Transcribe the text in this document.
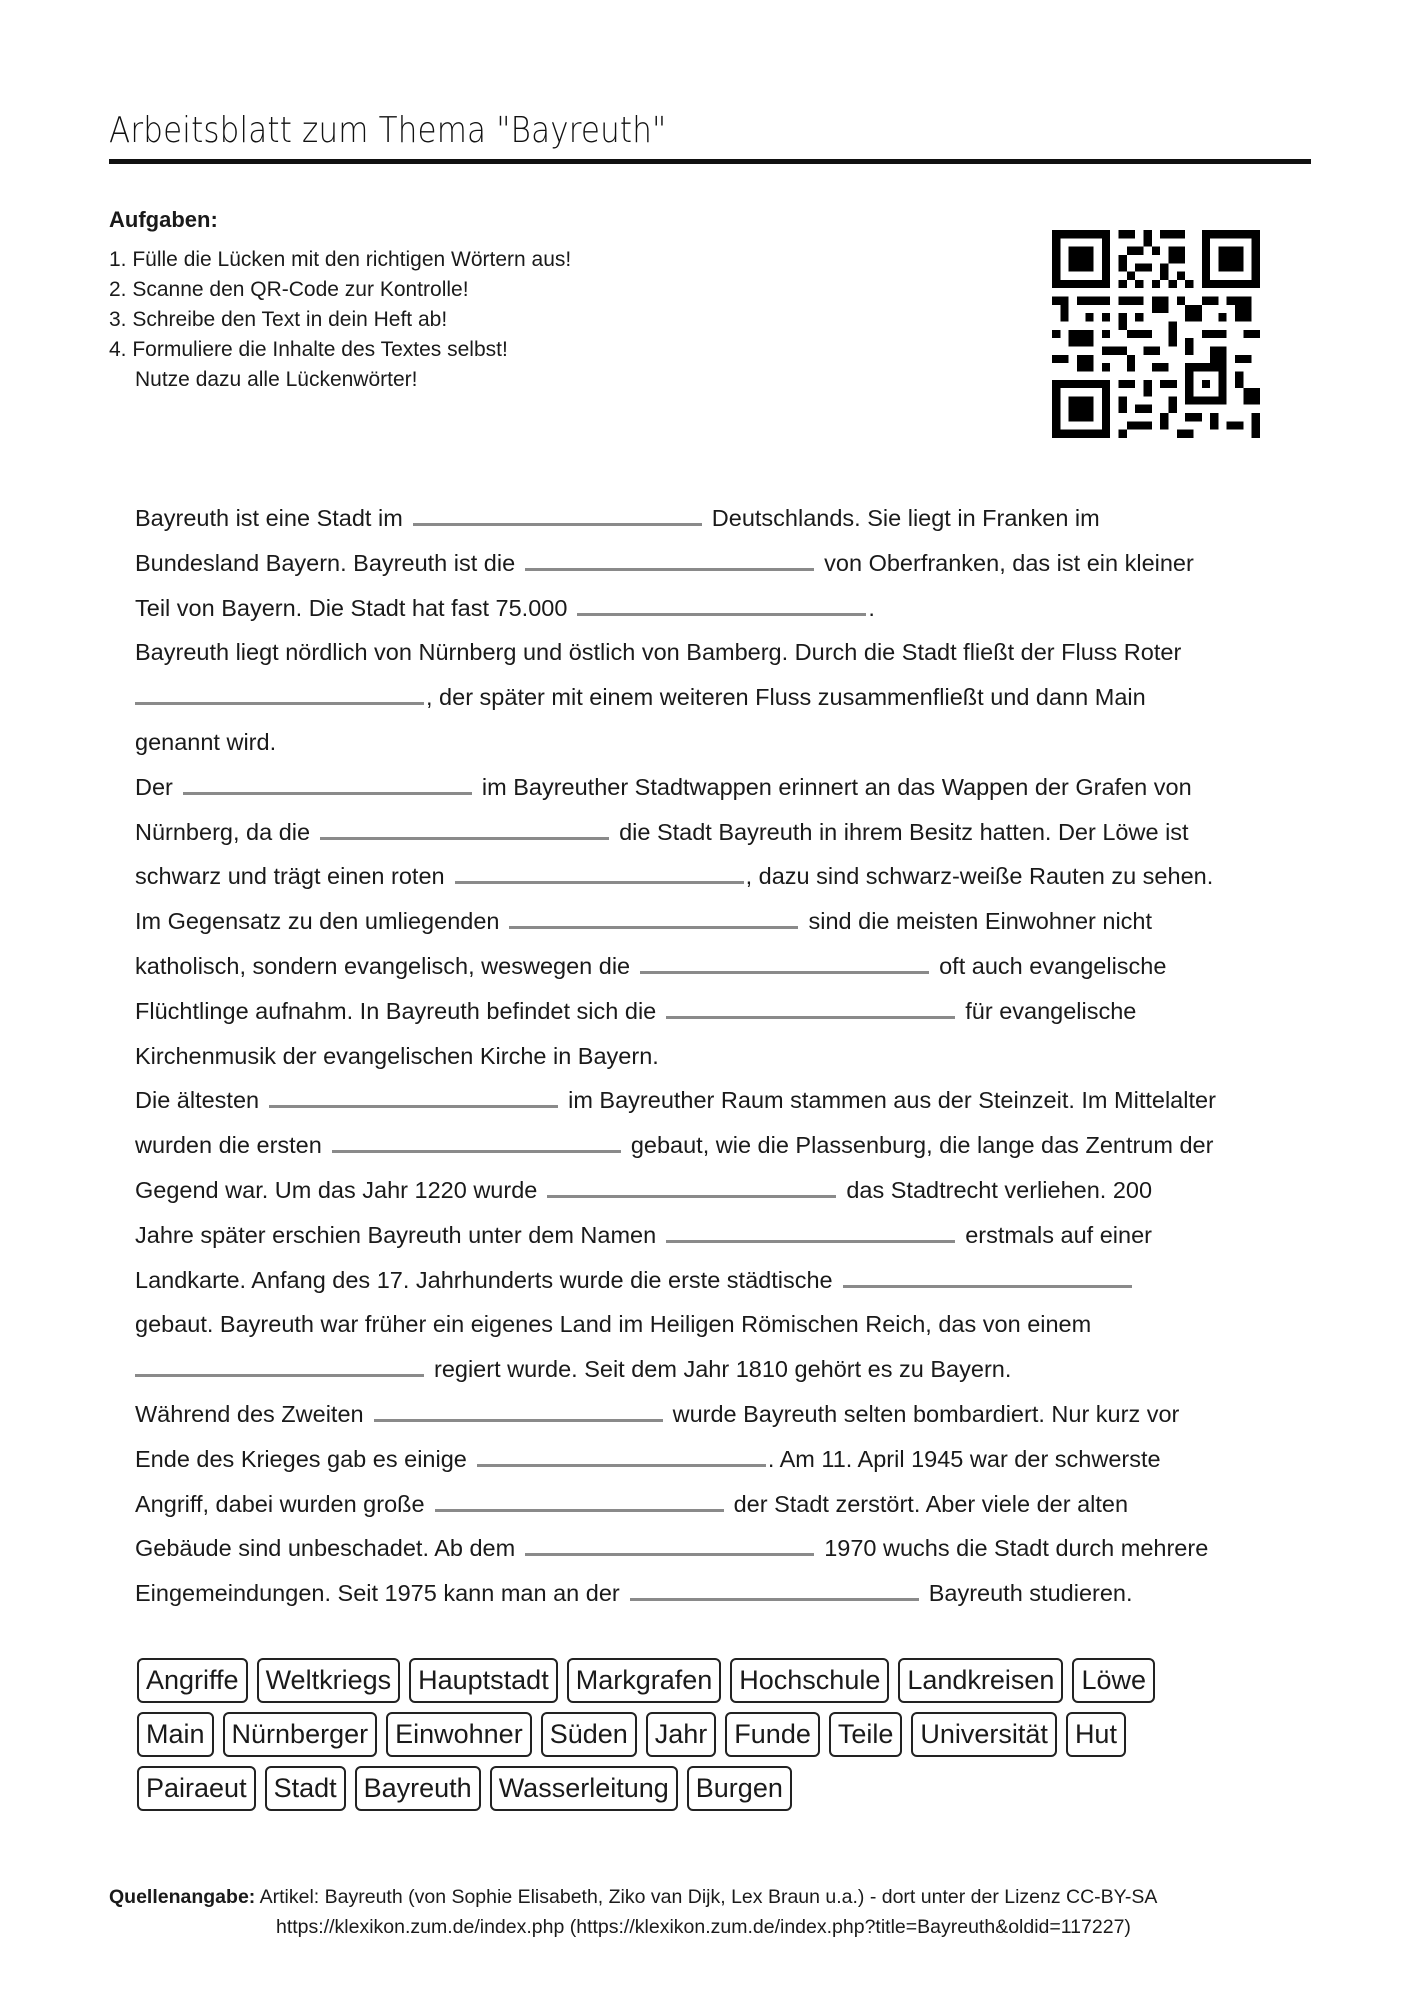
Arbeitsblatt zum Thema "Bayreuth"
Aufgaben:
1. Fülle die Lücken mit den richtigen Wörtern aus!
2. Scanne den QR-Code zur Kontrolle!
3. Schreibe den Text in dein Heft ab!
4. Formuliere die Inhalte des Textes selbst!
Nutze dazu alle Lückenwörter!
Bayreuth ist eine Stadt im	Deutschlands. Sie liegt in Franken im
Bundesland Bayern. Bayreuth ist die	von Oberfranken, das ist ein kleiner
Teil von Bayern. Die Stadt hat fast 75.000	.
Bayreuth liegt nördlich von Nürnberg und östlich von Bamberg. Durch die Stadt fließt der Fluss Roter
, der später mit einem weiteren Fluss zusammenfließt und dann Main
genannt wird.
Der	im Bayreuther Stadtwappen erinnert an das Wappen der Grafen von
Nürnberg, da die	die Stadt Bayreuth in ihrem Besitz hatten. Der Löwe ist
schwarz und trägt einen roten	, dazu sind schwarz-weiße Rauten zu sehen.
Im Gegensatz zu den umliegenden	sind die meisten Einwohner nicht
katholisch, sondern evangelisch, weswegen die	oft auch evangelische
Flüchtlinge aufnahm. In Bayreuth befindet sich die	für evangelische
Kirchenmusik der evangelischen Kirche in Bayern.
Die ältesten	im Bayreuther Raum stammen aus der Steinzeit. Im Mittelalter
wurden die ersten	gebaut, wie die Plassenburg, die lange das Zentrum der
Gegend war. Um das Jahr 1220 wurde	das Stadtrecht verliehen. 200
Jahre später erschien Bayreuth unter dem Namen	erstmals auf einer
Landkarte. Anfang des 17. Jahrhunderts wurde die erste städtische
gebaut. Bayreuth war früher ein eigenes Land im Heiligen Römischen Reich, das von einem
regiert wurde. Seit dem Jahr 1810 gehört es zu Bayern.
Während des Zweiten	wurde Bayreuth selten bombardiert. Nur kurz vor
Ende des Krieges gab es einige	. Am 11. April 1945 war der schwerste
Angriff, dabei wurden große	der Stadt zerstört. Aber viele der alten
Gebäude sind unbeschadet. Ab dem	1970 wuchs die Stadt durch mehrere
Eingemeindungen. Seit 1975 kann man an der	Bayreuth studieren.
Angriffe	Weltkriegs	Hauptstadt	Markgrafen	Hochschule	Landkreisen	Löwe
Main	Nürnberger	Einwohner	Süden	Jahr	Funde	Teile	Universität	Hut
Pairaeut	Stadt	Bayreuth	Wasserleitung	Burgen
Quellenangabe: Artikel: Bayreuth (von Sophie Elisabeth, Ziko van Dijk, Lex Braun u.a.) - dort unter der Lizenz CC-BY-SA
https://klexikon.zum.de/index.php (https://klexikon.zum.de/index.php?title=Bayreuth&oldid=117227)
